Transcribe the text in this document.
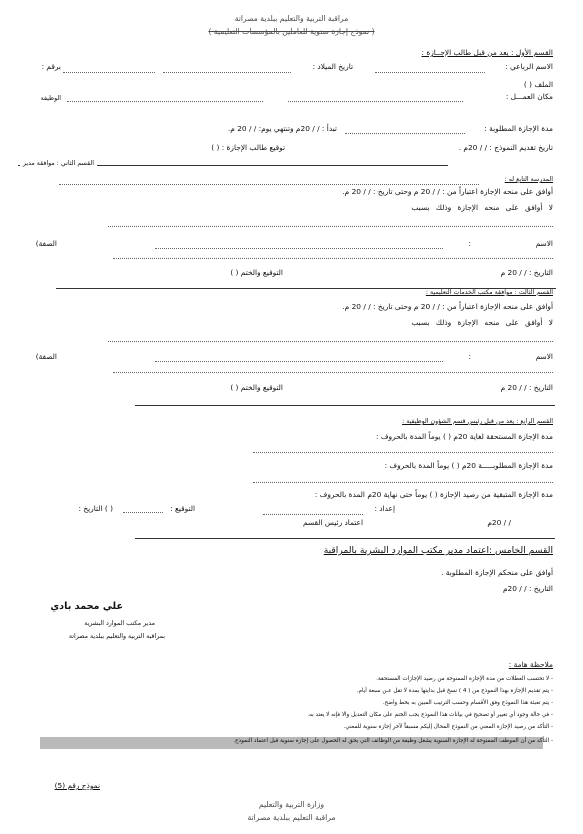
مراقبة التربية والتعليم ببلدية مصراتة
( نموذج إجازة سنوية للعاملين بالمؤسسات التعليمية )
القسم الأول : يعد من قبل طالب الإجــازة :
الاسم الرباعي :
تاريخ الميلاد :
برقم :
الملف ( )
مكان العمـــل :
الوظيفة
مدة الإجازة المطلوبة :
تبدأ : / / 20م وتنتهي يوم: / / 20 م.
تاريخ تقديم النموذج : / / 20م .
توقيع طالب الإجازة : ( )
القسم الثاني : موافقة مدير
المدرسة التابع له :
أوافق على منحه الإجازة اعتباراً من : / / 20 م وحتى تاريخ : / / 20 م.
لا أوافق على منحه الإجازة وذلك بسبب
الاسم
:
الصفة)
التاريخ : / / 20 م
التوقيع والختم ( )
القسم الثالث : موافقة مكتب الخدمات التعليمية :
أوافق على منحه الإجازة اعتباراً من : / / 20 م وحتى تاريخ : / / 20 م.
لا أوافق على منحه الإجازة وذلك بسبب
الاسم
:
الصفة)
التاريخ : / / 20 م
التوقيع والختم ( )
القسم الرابع : يعد من قبل رئيس قسم الشؤون الوظيفية :
مدة الإجازة المستحقة لغاية 20م ( ) يوماً المدة بالحروف :
مدة الإجازة المطلوبـــــة 20م ( ) يوماً المدة بالحروف :
مدة الإجازة المتبقية من رصيد الإجازة ( ) يوماً حتى نهاية 20م المدة بالحروف :
إعداد :
التوقيع :
( ) التاريخ :
/ / 20م
اعتماد رئيس القسم
القسم الخامس :اعتماد مدير مكتب الموارد البشرية بالمراقبة
أوافق على منحكم الإجازة المطلوبة .
التاريخ : / / 20م
علي محمد بادي
مدير مكتب الموارد البشرية
بمراقبة التربية والتعليم ببلدية مصراتة
ملاحظة هامة :
- لا تحتسب العطلات من مدة الإجازة الممنوحة من رصيد الإجازات المستحقة.
- يتم تقديم الإجازة بهذا النموذج من ( 4 ) نسخ قبل بدايتها بمدة لا تقل عـن سبعة أيام.
- يتم تعبئة هذا النموذج وفق الأقسام وحسب الترتيب المبين به بخط واضح.
- في حالة وجود أي تغيير أو تصحيح في بيانات هذا النموذج يجب الختم على مكان التعديل والا فإنه لا يعتد به.
- التأكد من رصيد الإجازة المعني من النموذج المحال إليكم مسبقاً لآخر إجازة سنوية للمعني.
- التأكد من أن الموظف الممنوحة له الإجازة السنوية يشغل وظيفة من الوظائف التي يحق له الحصول على إجازة سنوية قبل اعتماد النموذج.
نموذج رقم (5)
وزارة التربية والتعليم
مراقبة التعليم ببلدية مصراتة
